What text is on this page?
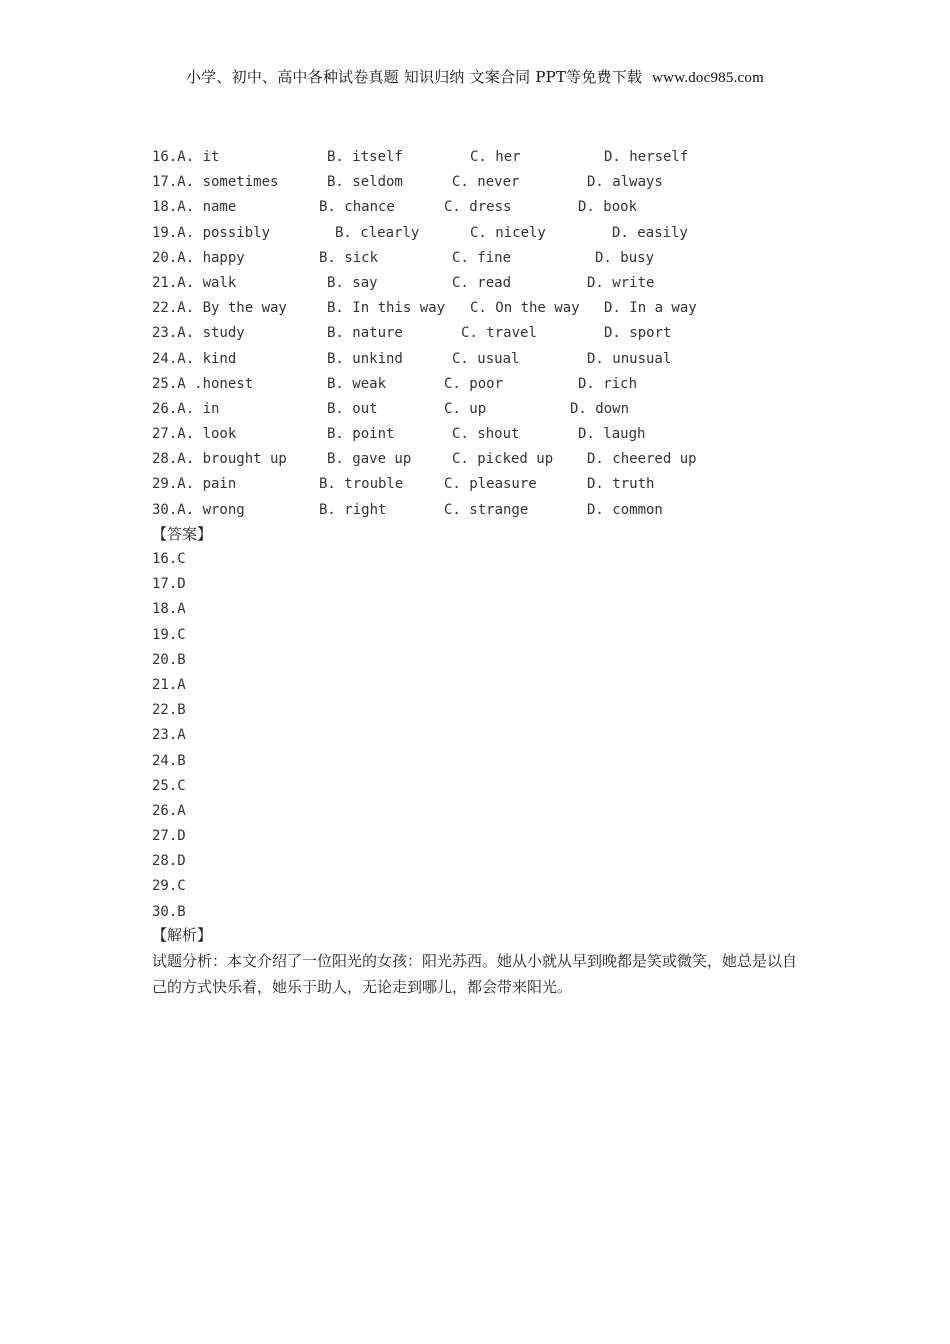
小学、初中、高中各种试卷真题 知识归纳 文案合同 PPT等免费下载 www.doc985.com
16.A. it	B. itself	C. her	D. herself
17.A. sometimes	B. seldom	C. never	D. always
18.A. name	B. chance	C. dress	D. book
19.A. possibly	B. clearly	C. nicely	D. easily
20.A. happy	B. sick	C. fine	D. busy
21.A. walk	B. say	C. read	D. write
22.A. By the way	B. In this way C. On the way D. In a way
23.A. study	B. nature	C. travel	D. sport
24.A. kind	B. unkind	C. usual	D. unusual
25.A .honest	B. weak	C. poor	D. rich
26.A. in	B. out	C. up	D. down
27.A. look	B. point	C. shout	D. laugh
28.A. brought up	B. gave up	C. picked up D. cheered up
29.A. pain	B. trouble	C. pleasure	D. truth
30.A. wrong	B. right	C. strange	D. common
【答案】
16.C
17.D
18.A
19.C
20.B
21.A
22.B
23.A
24.B
25.C
26.A
27.D
28.D
29.C
30.B
【解析】
试题分析：本文介绍了一位阳光的女孩：阳光苏西。她从小就从早到晚都是笑或微笑，她总是以自己的方式快乐着，她乐于助人，无论走到哪儿，都会带来阳光。
